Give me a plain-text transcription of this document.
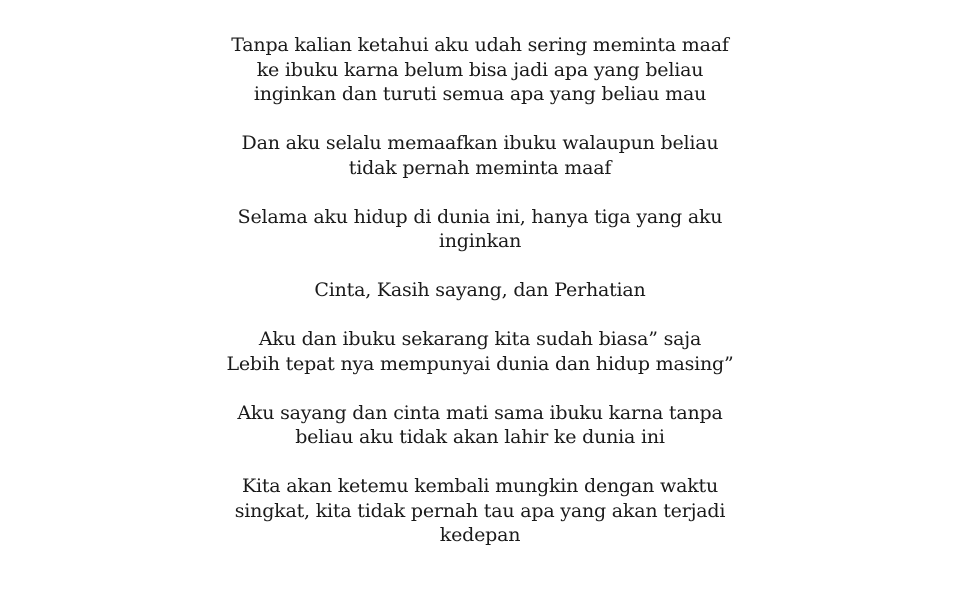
Tanpa kalian ketahui aku udah sering meminta maaf
ke ibuku karna belum bisa jadi apa yang beliau
inginkan dan turuti semua apa yang beliau mau

Dan aku selalu memaafkan ibuku walaupun beliau
tidak pernah meminta maaf

Selama aku hidup di dunia ini, hanya tiga yang aku
inginkan

Cinta, Kasih sayang, dan Perhatian

Aku dan ibuku sekarang kita sudah biasa” saja
Lebih tepat nya mempunyai dunia dan hidup masing”

Aku sayang dan cinta mati sama ibuku karna tanpa
beliau aku tidak akan lahir ke dunia ini

Kita akan ketemu kembali mungkin dengan waktu
singkat, kita tidak pernah tau apa yang akan terjadi
kedepan
